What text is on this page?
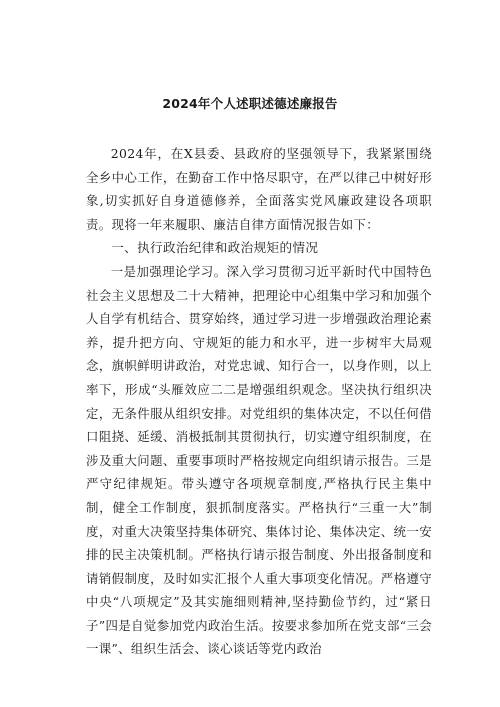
2024年个人述职述德述廉报告

2024年，在X县委、县政府的坚强领导下，我紧紧围绕全乡中心工作，在勤奋工作中恪尽职守，在严以律己中树好形象,切实抓好自身道德修养，全面落实党风廉政建设各项职责。现将一年来履职、廉洁自律方面情况报告如下：

一、执行政治纪律和政治规矩的情况

一是加强理论学习。深入学习贯彻习近平新时代中国特色社会主义思想及二十大精神，把理论中心组集中学习和加强个人自学有机结合、贯穿始终，通过学习进一步增强政治理论素养，提升把方向、守规矩的能力和水平，进一步树牢大局观念，旗帜鲜明讲政治，对党忠诚、知行合一，以身作则，以上率下，形成“头雁效应二二是增强组织观念。坚决执行组织决定，无条件服从组织安排。对党组织的集体决定，不以任何借口阻挠、延缓、消极抵制其贯彻执行，切实遵守组织制度，在涉及重大问题、重要事项时严格按规定向组织请示报告。三是严守纪律规矩。带头遵守各项规章制度,严格执行民主集中制，健全工作制度，狠抓制度落实。严格执行“三重一大”制度，对重大决策坚持集体研究、集体讨论、集体决定、统一安排的民主决策机制。严格执行请示报告制度、外出报备制度和请销假制度，及时如实汇报个人重大事项变化情况。严格遵守中央“八项规定”及其实施细则精神,坚持勤俭节约，过“紧日子”四是自觉参加党内政治生活。按要求参加所在党支部“三会一课”、组织生活会、谈心谈话等党内政治
